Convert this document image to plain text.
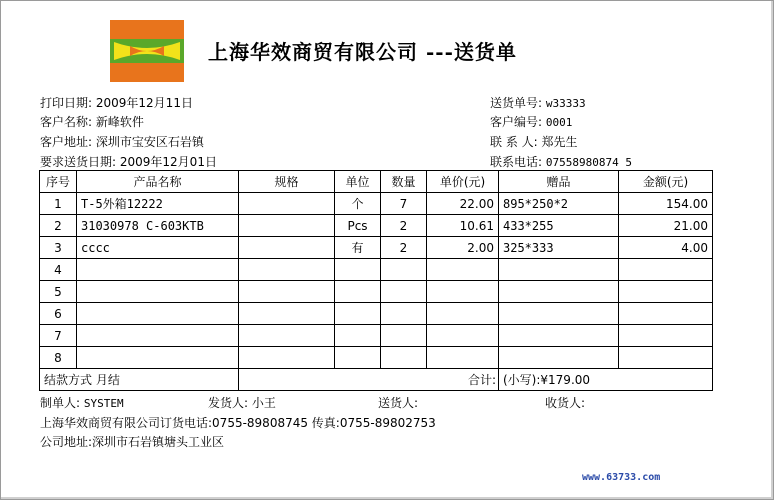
上海华效商贸有限公司 ---送货单
打印日期: 2009年12月11日
客户名称: 新峰软件
客户地址: 深圳市宝安区石岩镇
要求送货日期: 2009年12月01日
送货单号: w33333
客户编号: 0001
联 系 人: 郑先生
联系电话: 07558980874 5
序号	产品名称	规格	单位	数量	单价(元)	赠品	金额(元)
1	T-5外箱12222		个	7	22.00	895*250*2	154.00
2	31030978 C-603KTB		Pcs	2	10.61	433*255	21.00
3	cccc		有	2	2.00	325*333	4.00
4							
5							
6							
7							
8							
结款方式 月结		合计:				(小写):¥179.00	
制单人: SYSTEM	发货人: 小王	送货人:	收货人:
上海华效商贸有限公司订货电话:0755-89808745 传真:0755-89802753
公司地址:深圳市石岩镇塘头工业区
www.63733.com
